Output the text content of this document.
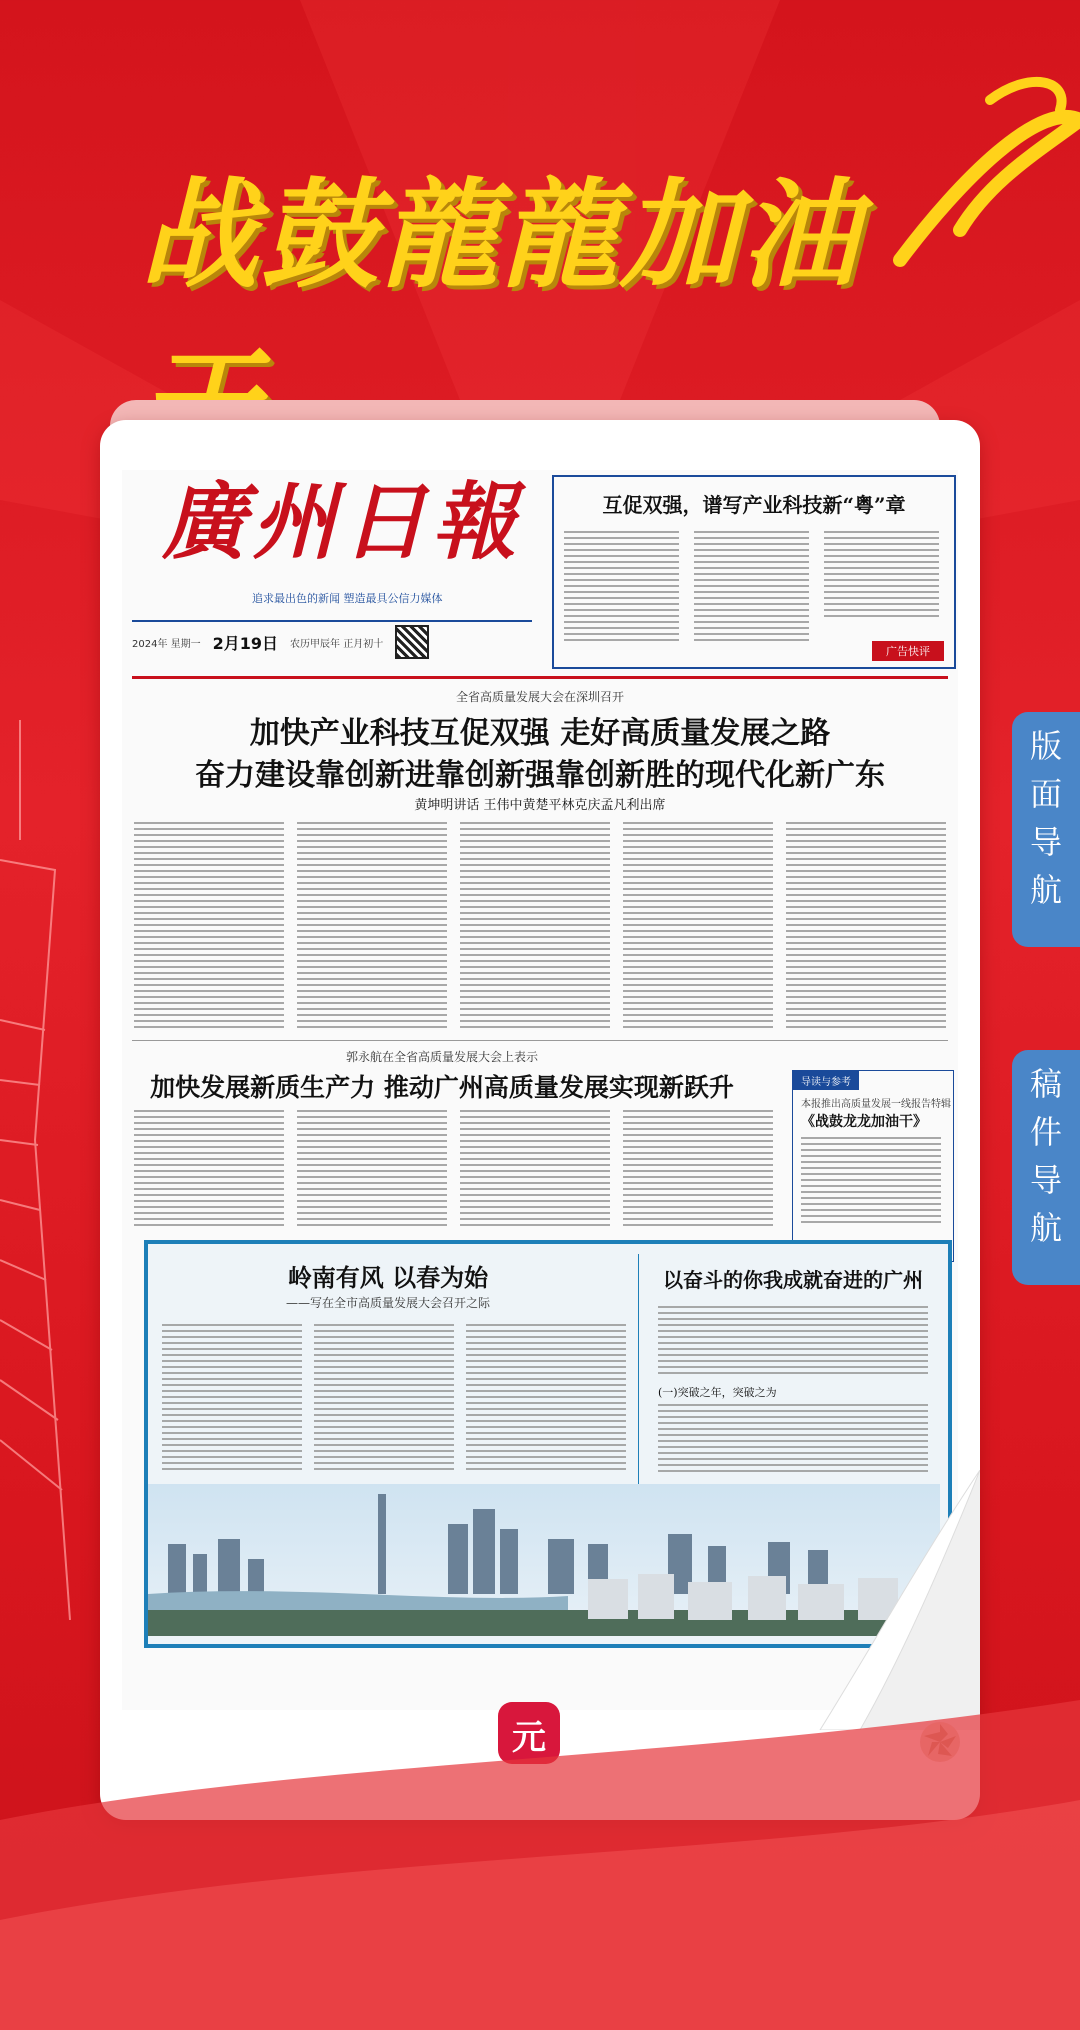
战鼓龍龍加油
版
面
导
航
稿
件
导
航
廣州日報
追求最出色的新闻 塑造最具公信力媒体
2024年 星期一 2月19日 农历甲辰年 正月初十
互促双强，谱写产业科技新“粤”章
广告快评
全省高质量发展大会在深圳召开
加快产业科技互促双强 走好高质量发展之路
奋力建设靠创新进靠创新强靠创新胜的现代化新广东
黄坤明讲话 王伟中黄楚平林克庆孟凡利出席
郭永航在全省高质量发展大会上表示
加快发展新质生产力 推动广州高质量发展实现新跃升	导读与参考
本报推出高质量发展一线报告特辑
《战鼓龙龙加油干》
岭南有风 以春为始
——写在全市高质量发展大会召开之际
以奋斗的你我成就奋进的广州
(一)突破之年，突破之为
元
